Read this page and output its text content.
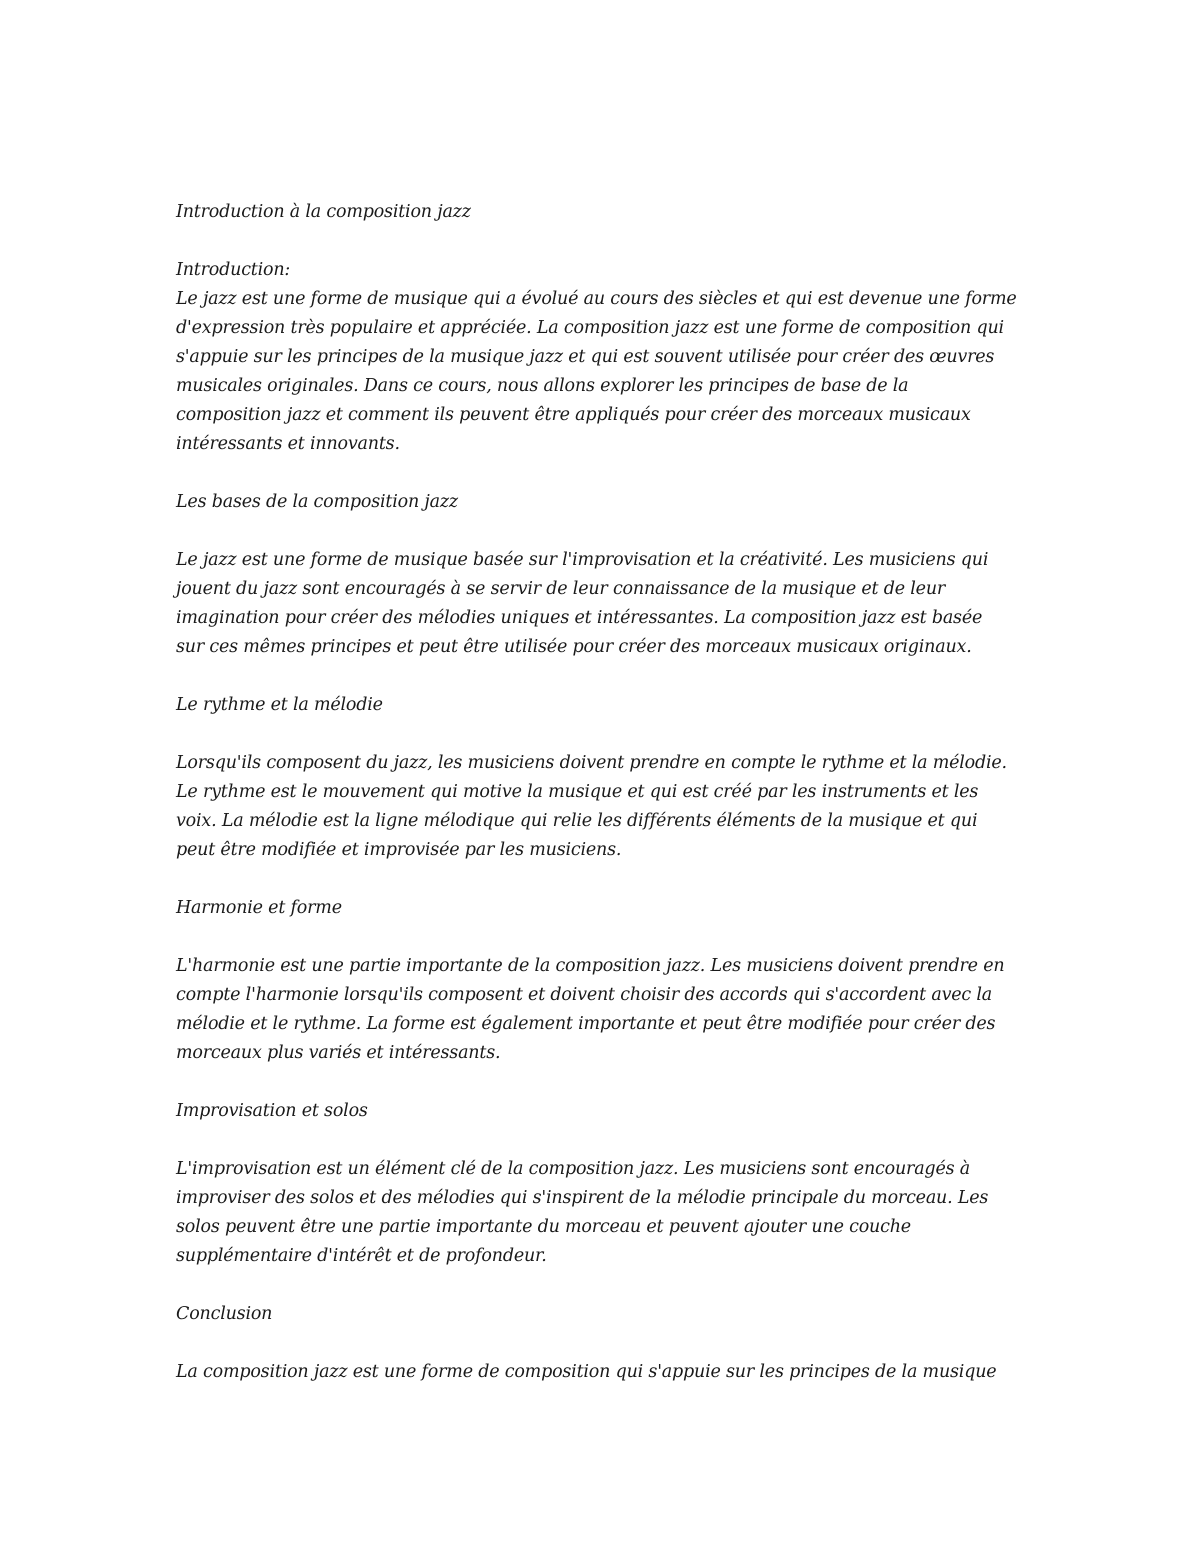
Introduction à la composition jazz
Introduction:
Le jazz est une forme de musique qui a évolué au cours des siècles et qui est devenue une forme
d'expression très populaire et appréciée. La composition jazz est une forme de composition qui
s'appuie sur les principes de la musique jazz et qui est souvent utilisée pour créer des œuvres
musicales originales. Dans ce cours, nous allons explorer les principes de base de la
composition jazz et comment ils peuvent être appliqués pour créer des morceaux musicaux
intéressants et innovants.
Les bases de la composition jazz
Le jazz est une forme de musique basée sur l'improvisation et la créativité. Les musiciens qui
jouent du jazz sont encouragés à se servir de leur connaissance de la musique et de leur
imagination pour créer des mélodies uniques et intéressantes. La composition jazz est basée
sur ces mêmes principes et peut être utilisée pour créer des morceaux musicaux originaux.
Le rythme et la mélodie
Lorsqu'ils composent du jazz, les musiciens doivent prendre en compte le rythme et la mélodie.
Le rythme est le mouvement qui motive la musique et qui est créé par les instruments et les
voix. La mélodie est la ligne mélodique qui relie les différents éléments de la musique et qui
peut être modifiée et improvisée par les musiciens.
Harmonie et forme
L'harmonie est une partie importante de la composition jazz. Les musiciens doivent prendre en
compte l'harmonie lorsqu'ils composent et doivent choisir des accords qui s'accordent avec la
mélodie et le rythme. La forme est également importante et peut être modifiée pour créer des
morceaux plus variés et intéressants.
Improvisation et solos
L'improvisation est un élément clé de la composition jazz. Les musiciens sont encouragés à
improviser des solos et des mélodies qui s'inspirent de la mélodie principale du morceau. Les
solos peuvent être une partie importante du morceau et peuvent ajouter une couche
supplémentaire d'intérêt et de profondeur.
Conclusion
La composition jazz est une forme de composition qui s'appuie sur les principes de la musique
